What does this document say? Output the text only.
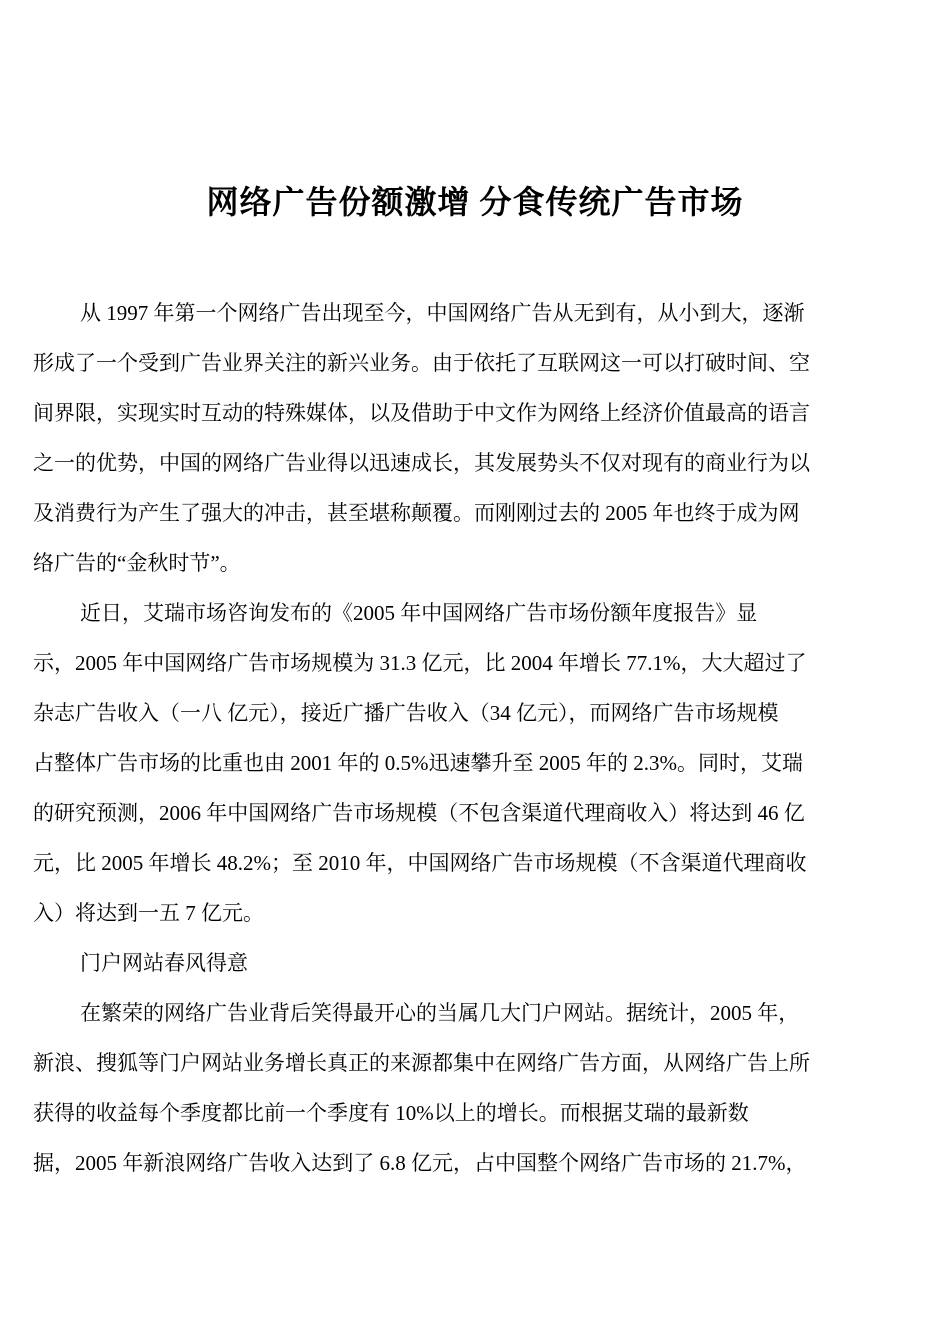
网络广告份额激增 分食传统广告市场

从 1997 年第一个网络广告出现至今，中国网络广告从无到有，从小到大，逐渐
形成了一个受到广告业界关注的新兴业务。由于依托了互联网这一可以打破时间、空
间界限，实现实时互动的特殊媒体，以及借助于中文作为网络上经济价值最高的语言
之一的优势，中国的网络广告业得以迅速成长，其发展势头不仅对现有的商业行为以
及消费行为产生了强大的冲击，甚至堪称颠覆。而刚刚过去的 2005 年也终于成为网
络广告的“金秋时节”。

近日，艾瑞市场咨询发布的《2005 年中国网络广告市场份额年度报告》显
示，2005 年中国网络广告市场规模为 31.3 亿元，比 2004 年增长 77.1%，大大超过了
杂志广告收入（一八 亿元），接近广播广告收入（34 亿元），而网络广告市场规模
占整体广告市场的比重也由 2001 年的 0.5%迅速攀升至 2005 年的 2.3%。同时，艾瑞
的研究预测，2006 年中国网络广告市场规模（不包含渠道代理商收入）将达到 46 亿
元，比 2005 年增长 48.2%；至 2010 年，中国网络广告市场规模（不含渠道代理商收
入）将达到一五 7 亿元。

门户网站春风得意

在繁荣的网络广告业背后笑得最开心的当属几大门户网站。据统计，2005 年，
新浪、搜狐等门户网站业务增长真正的来源都集中在网络广告方面，从网络广告上所
获得的收益每个季度都比前一个季度有 10%以上的增长。而根据艾瑞的最新数
据，2005 年新浪网络广告收入达到了 6.8 亿元，占中国整个网络广告市场的 21.7%，
